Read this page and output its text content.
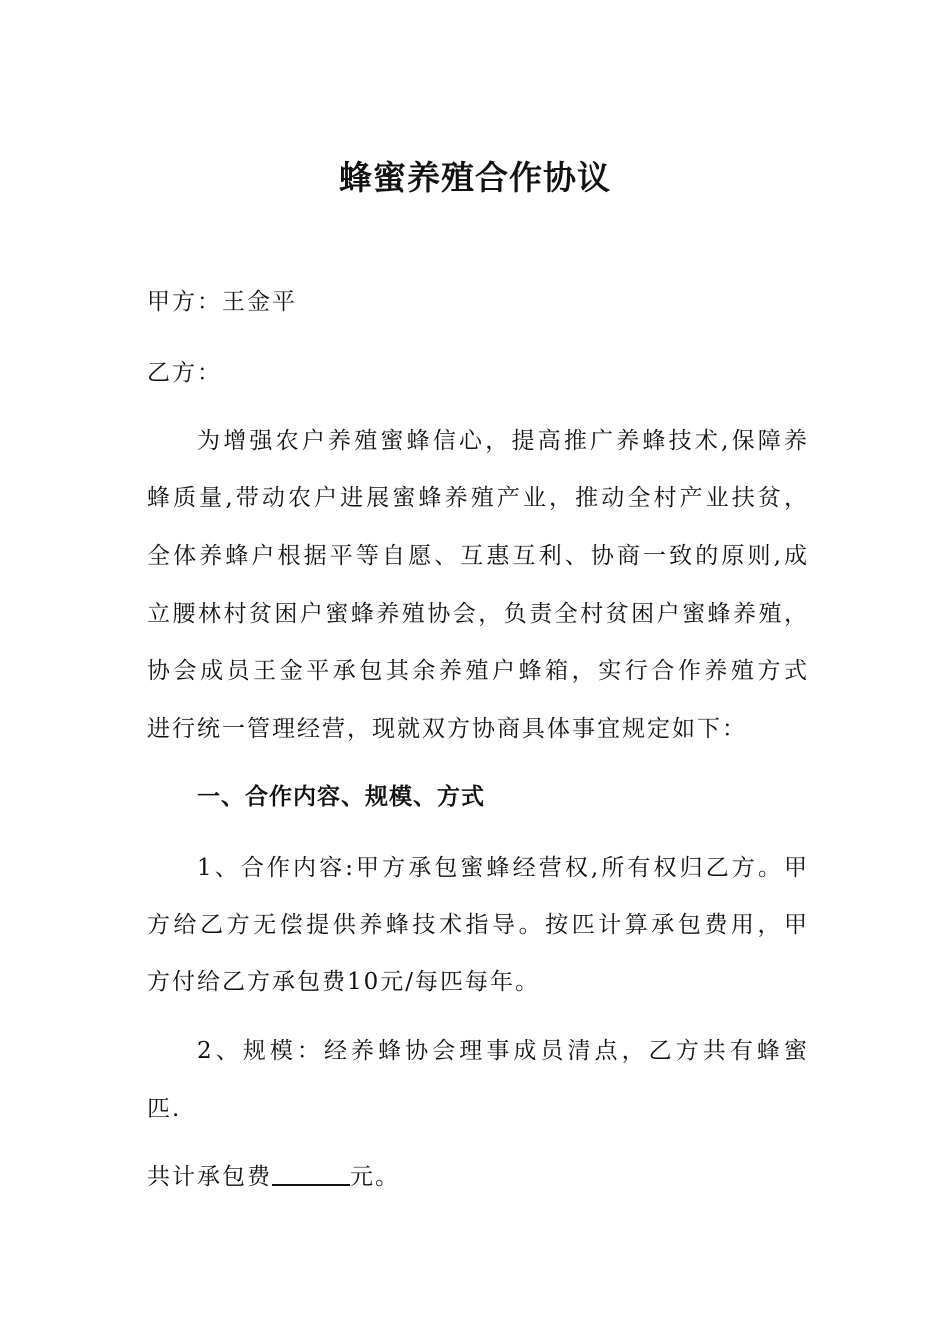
蜂蜜养殖合作协议

甲方：王金平

乙方：

为增强农户养殖蜜蜂信心，提高推广养蜂技术,保障养

蜂质量,带动农户进展蜜蜂养殖产业，推动全村产业扶贫，

全体养蜂户根据平等自愿、互惠互利、协商一致的原则,成

立腰林村贫困户蜜蜂养殖协会，负责全村贫困户蜜蜂养殖，

协会成员王金平承包其余养殖户蜂箱，实行合作养殖方式

进行统一管理经营，现就双方协商具体事宜规定如下：

一、合作内容、规模、方式

1、合作内容:甲方承包蜜蜂经营权,所有权归乙方。甲

方给乙方无偿提供养蜂技术指导。按匹计算承包费用，甲

方付给乙方承包费10元/每匹每年。

2、规模：经养蜂协会理事成员清点，乙方共有蜂蜜

匹.

共计承包费	元。
